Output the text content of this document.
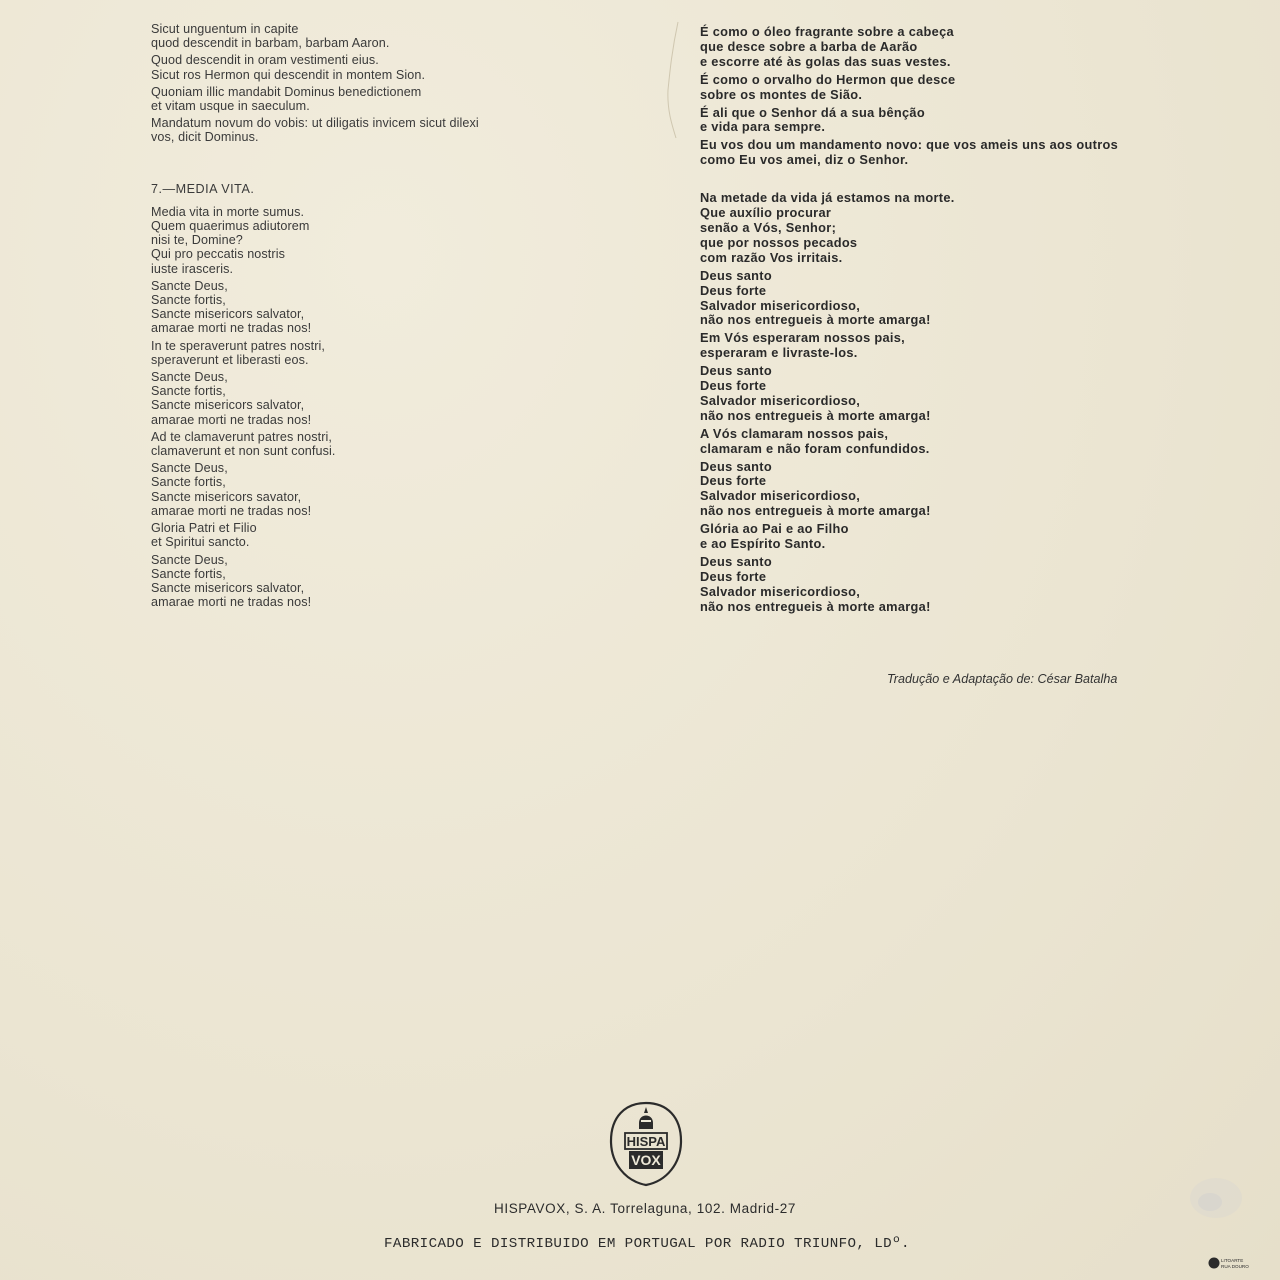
Sicut unguentum in capite
quod descendit in barbam, barbam Aaron.
Quod descendit in oram vestimenti eius.
Sicut ros Hermon qui descendit in montem Sion.
Quoniam illic mandabit Dominus benedictionem
et vitam usque in saeculum.
Mandatum novum do vobis: ut diligatis invicem sicut dilexi
vos, dicit Dominus.
7.—MEDIA VITA.
Media vita in morte sumus.
Quem quaerimus adiutorem
nisi te, Domine?
Qui pro peccatis nostris
iuste irasceris.
Sancte Deus,
Sancte fortis,
Sancte misericors salvator,
amarae morti ne tradas nos!
In te speraverunt patres nostri,
speraverunt et liberasti eos.
Sancte Deus,
Sancte fortis,
Sancte misericors salvator,
amarae morti ne tradas nos!
Ad te clamaverunt patres nostri,
clamaverunt et non sunt confusi.
Sancte Deus,
Sancte fortis,
Sancte misericors savator,
amarae morti ne tradas nos!
Gloria Patri et Filio
et Spiritui sancto.
Sancte Deus,
Sancte fortis,
Sancte misericors salvator,
amarae morti ne tradas nos!
É como o óleo fragrante sobre a cabeça
que desce sobre a barba de Aarão
e escorre até às golas das suas vestes.
É como o orvalho do Hermon que desce
sobre os montes de Sião.
É ali que o Senhor dá a sua bênção
e vida para sempre.
Eu vos dou um mandamento novo: que vos ameis uns aos outros
como Eu vos amei, diz o Senhor.
Na metade da vida já estamos na morte.
Que auxílio procurar
senão a Vós, Senhor;
que por nossos pecados
com razão Vos irritais.
Deus santo
Deus forte
Salvador misericordioso,
não nos entregueis à morte amarga!
Em Vós esperaram nossos pais,
esperaram e livraste-los.
Deus santo
Deus forte
Salvador misericordioso,
não nos entregueis à morte amarga!
A Vós clamaram nossos pais,
clamaram e não foram confundidos.
Deus santo
Deus forte
Salvador misericordioso,
não nos entregueis à morte amarga!
Glória ao Pai e ao Filho
e ao Espírito Santo.
Deus santo
Deus forte
Salvador misericordioso,
não nos entregueis à morte amarga!
Tradução e Adaptação de: César Batalha
HISPA
VOX
HISPAVOX, S. A. Torrelaguna, 102. Madrid-27
FABRICADO E DISTRIBUIDO EM PORTUGAL POR RADIO TRIUNFO, LDº.
LITOARTE
RUA DOURO
